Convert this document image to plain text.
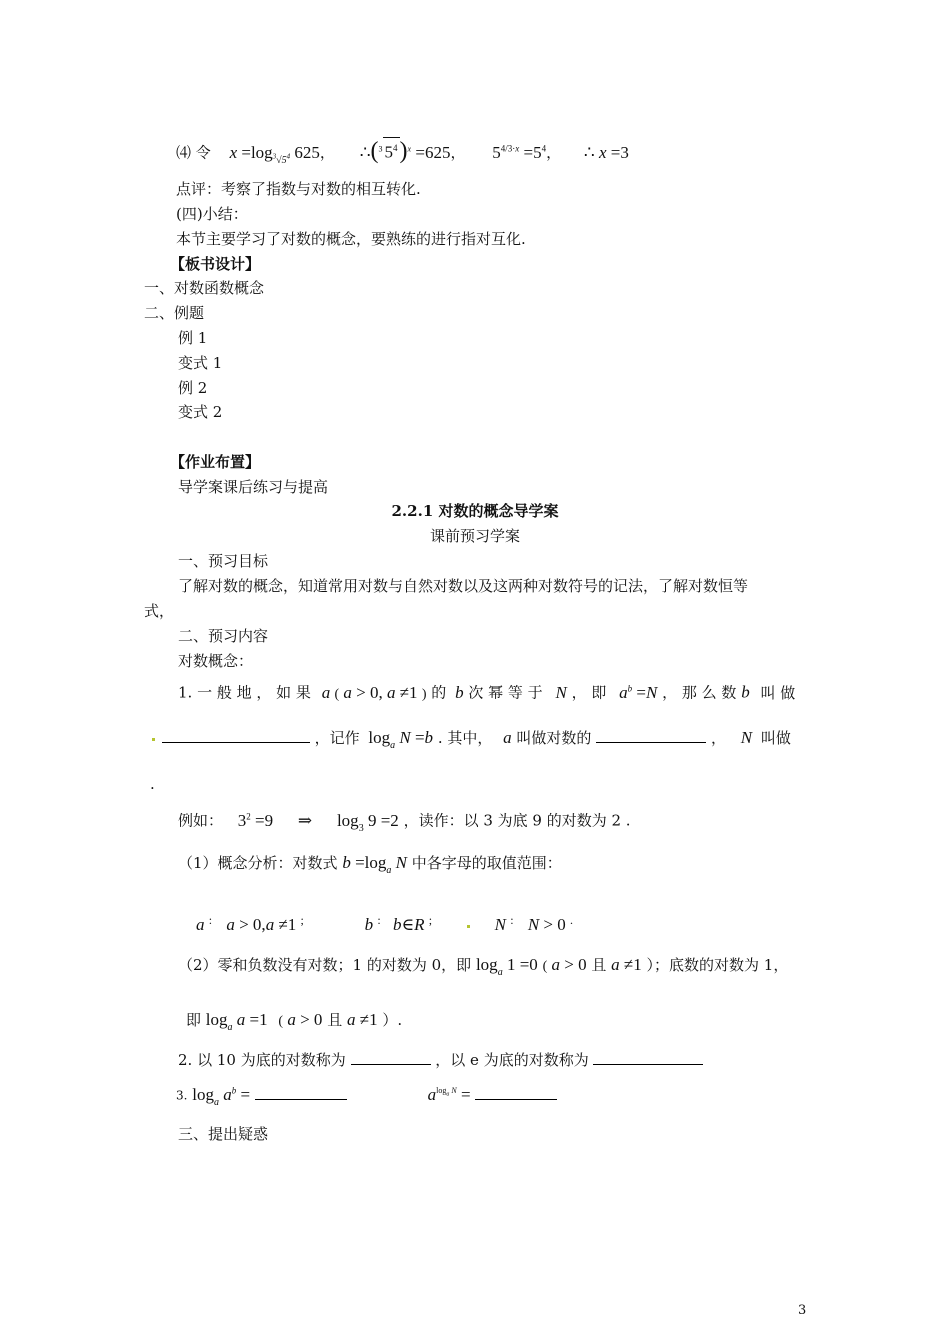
⑷ 令 $x =\log_{^3√5^4}$ 625， ∴($^3$ $5^4)^x =625$， $5^{4/3\cdot x} =5^4$， ∴ x =3
点评：考察了指数与对数的相互转化.
(四)小结：
本节主要学习了对数的概念，要熟练的进行指对互化.
【板书设计】
一、对数函数概念
二、例题
例 1
变式 1
例 2
变式 2
【作业布置】
导学案课后练习与提高
2.2.1 对数的概念导学案
课前预习学案
一、预习目标
了解对数的概念，知道常用对数与自然对数以及这两种对数符号的记法，了解对数恒等
式，
二、预习内容
对数概念：
1. 一 般 地 ， 如 果 a ( a > 0, a ≠1 ) 的 b 次 幂 等 于 N ， 即 $a^b =N$ ， 那 么 数 b 叫 做
，记作 $\log_a N =b$ . 其中， a 叫做对数的	， N 叫做
.
例如： $3^2 =9$ ⇒ $\log_3 9 =2$ ，读作：以 3 为底 9 的对数为 2 .
（1）概念分析：对数式 $b =\log_a$ N 中各字母的取值范围：
a : a > 0,a ≠1 ;	b : b∈R ;	N : N > 0 .
（2）零和负数没有对数；1 的对数为 0，即 $\log_a 1 =0$ ( a > 0 且 a ≠1 ）；底数的对数为 1，
即 $\log_a a =1$ ( a > 0 且 a ≠1 ）.
2. 以 10 为底的对数称为	，以 e 为底的对数称为
3. $\log_a a^b$ =	$a^{log_a N}$ =
三、提出疑惑
3
